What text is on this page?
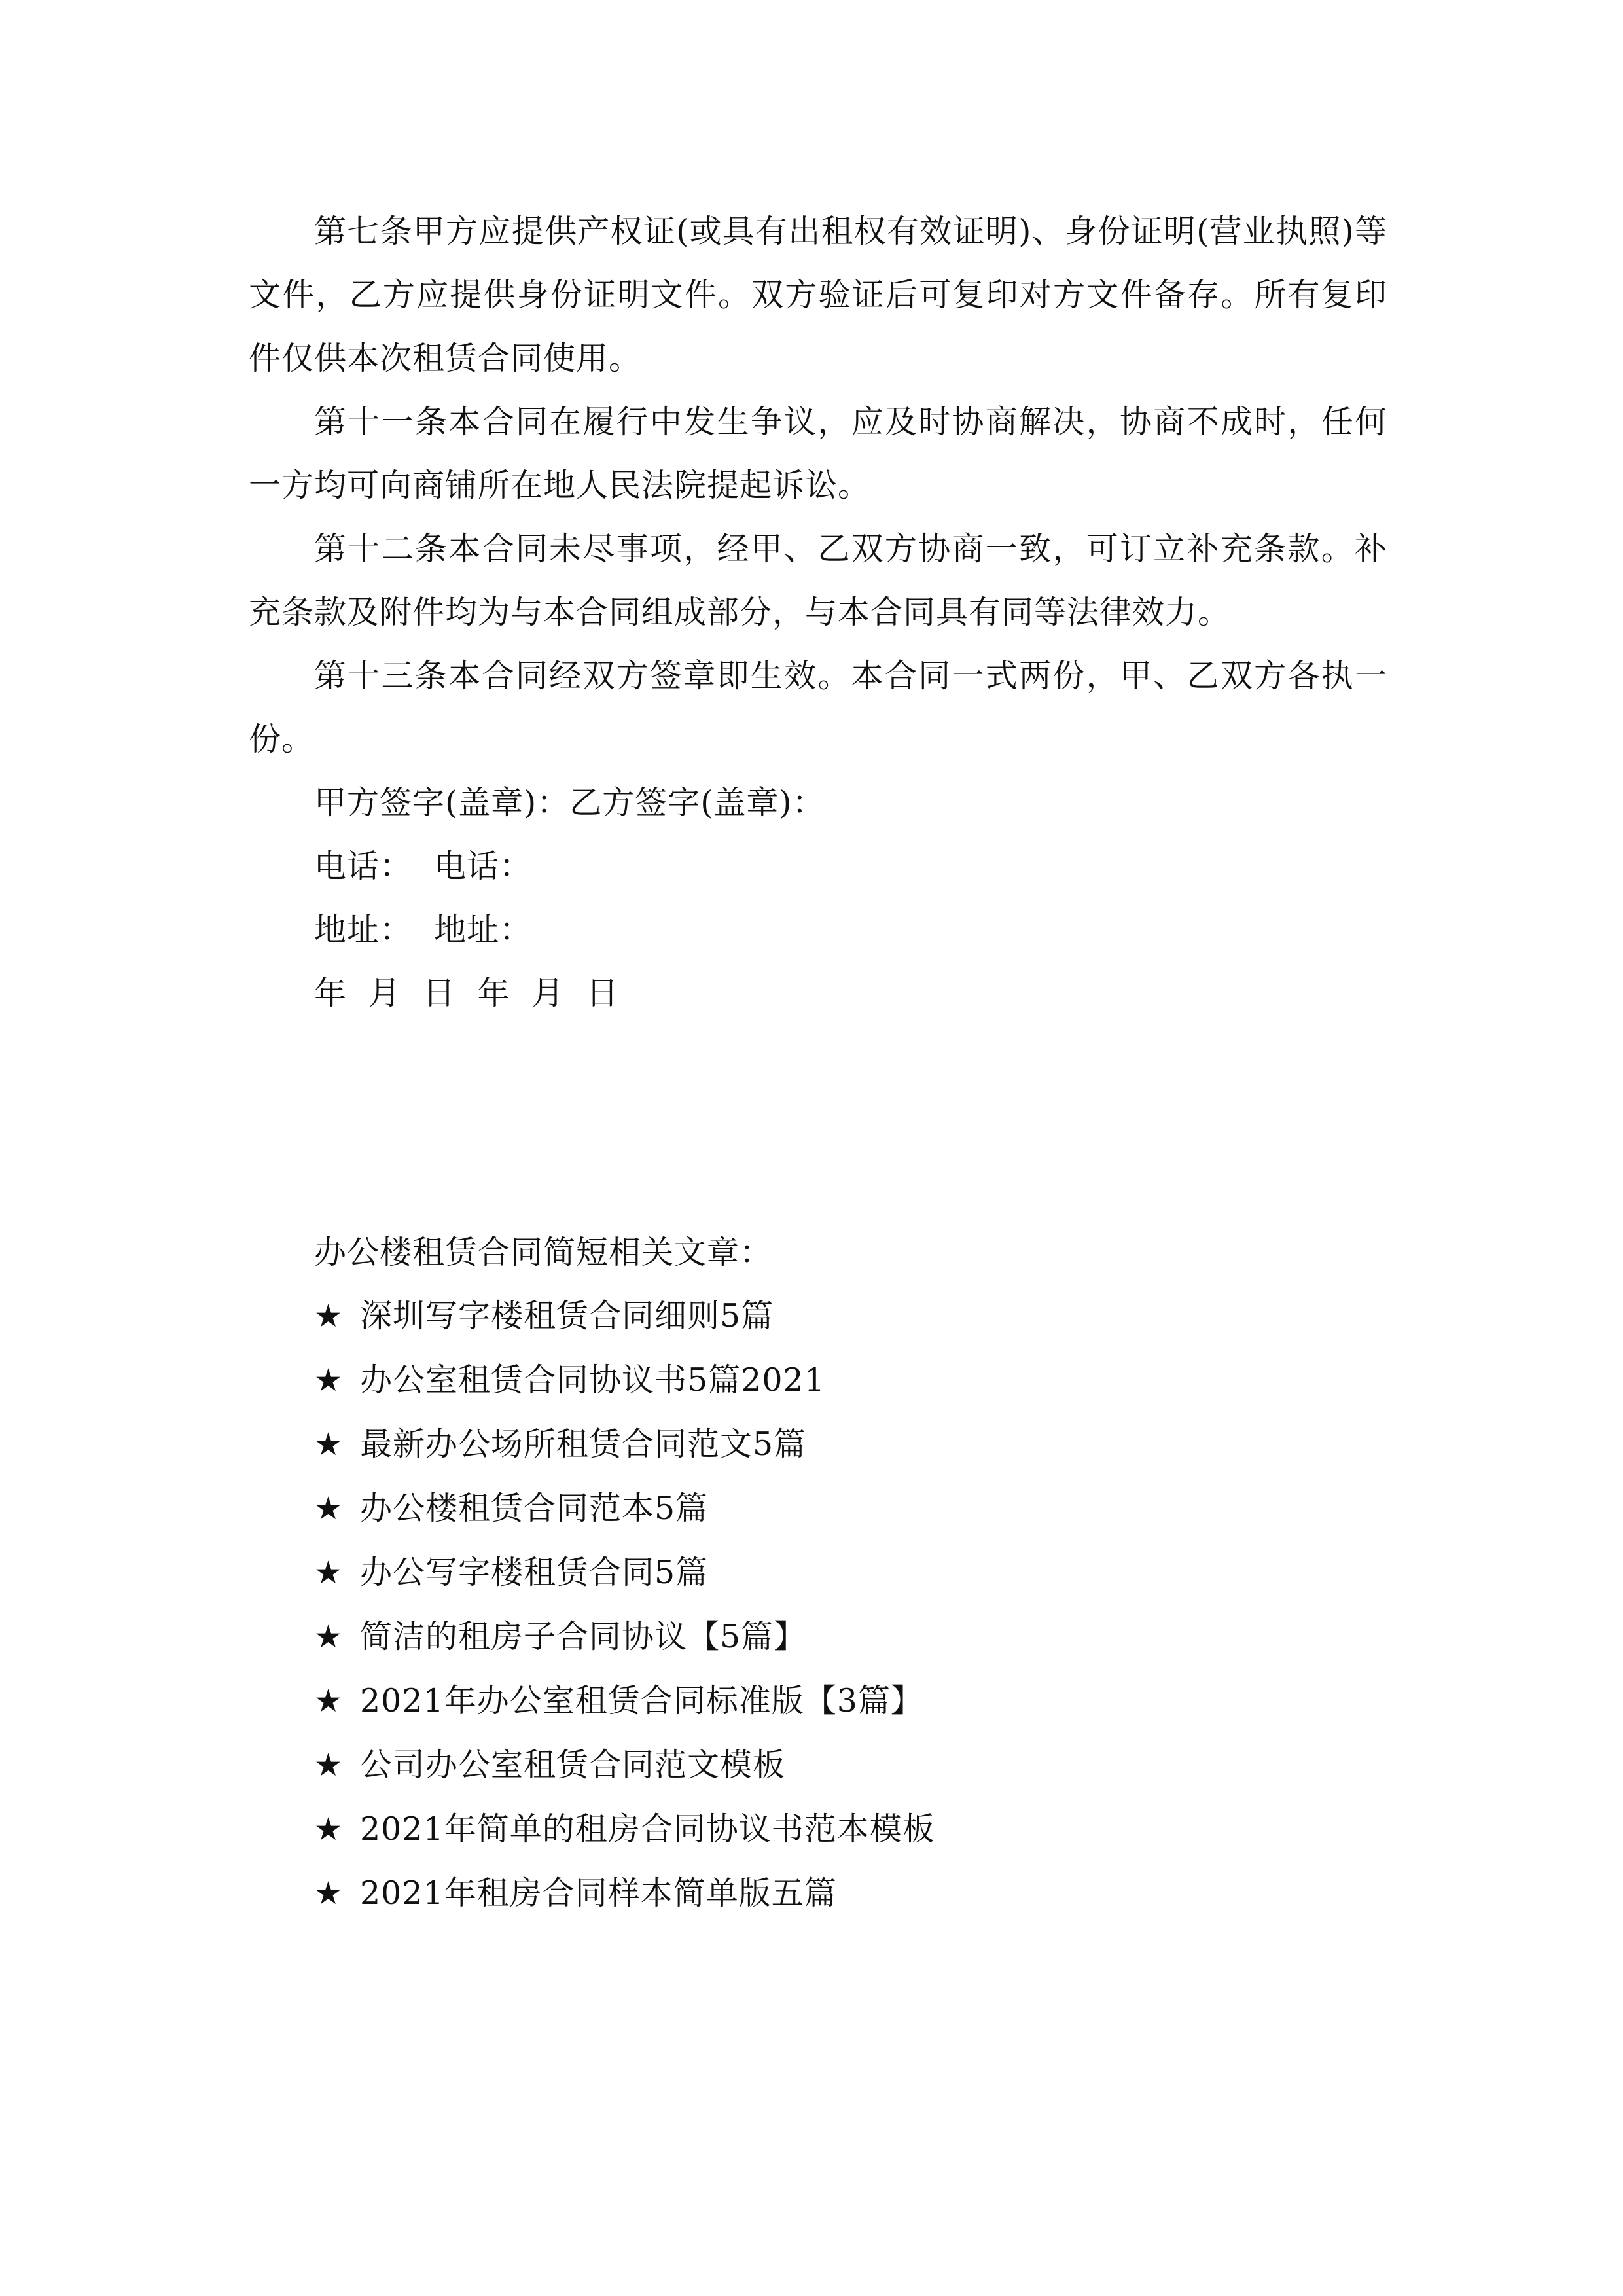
第七条甲方应提供产权证(或具有出租权有效证明)、身份证明(营业执照)等文件，乙方应提供身份证明文件。双方验证后可复印对方文件备存。所有复印件仅供本次租赁合同使用。

第十一条本合同在履行中发生争议，应及时协商解决，协商不成时，任何一方均可向商铺所在地人民法院提起诉讼。

第十二条本合同未尽事项，经甲、乙双方协商一致，可订立补充条款。补充条款及附件均为与本合同组成部分，与本合同具有同等法律效力。

第十三条本合同经双方签章即生效。本合同一式两份，甲、乙双方各执一份。

甲方签字(盖章)：乙方签字(盖章)：

电话：  电话：

地址：  地址：

年  月  日  年  月  日

办公楼租赁合同简短相关文章：

★ 深圳写字楼租赁合同细则5篇
★ 办公室租赁合同协议书5篇2021
★ 最新办公场所租赁合同范文5篇
★ 办公楼租赁合同范本5篇
★ 办公写字楼租赁合同5篇
★ 简洁的租房子合同协议【5篇】
★ 2021年办公室租赁合同标准版【3篇】
★ 公司办公室租赁合同范文模板
★ 2021年简单的租房合同协议书范本模板
★ 2021年租房合同样本简单版五篇
